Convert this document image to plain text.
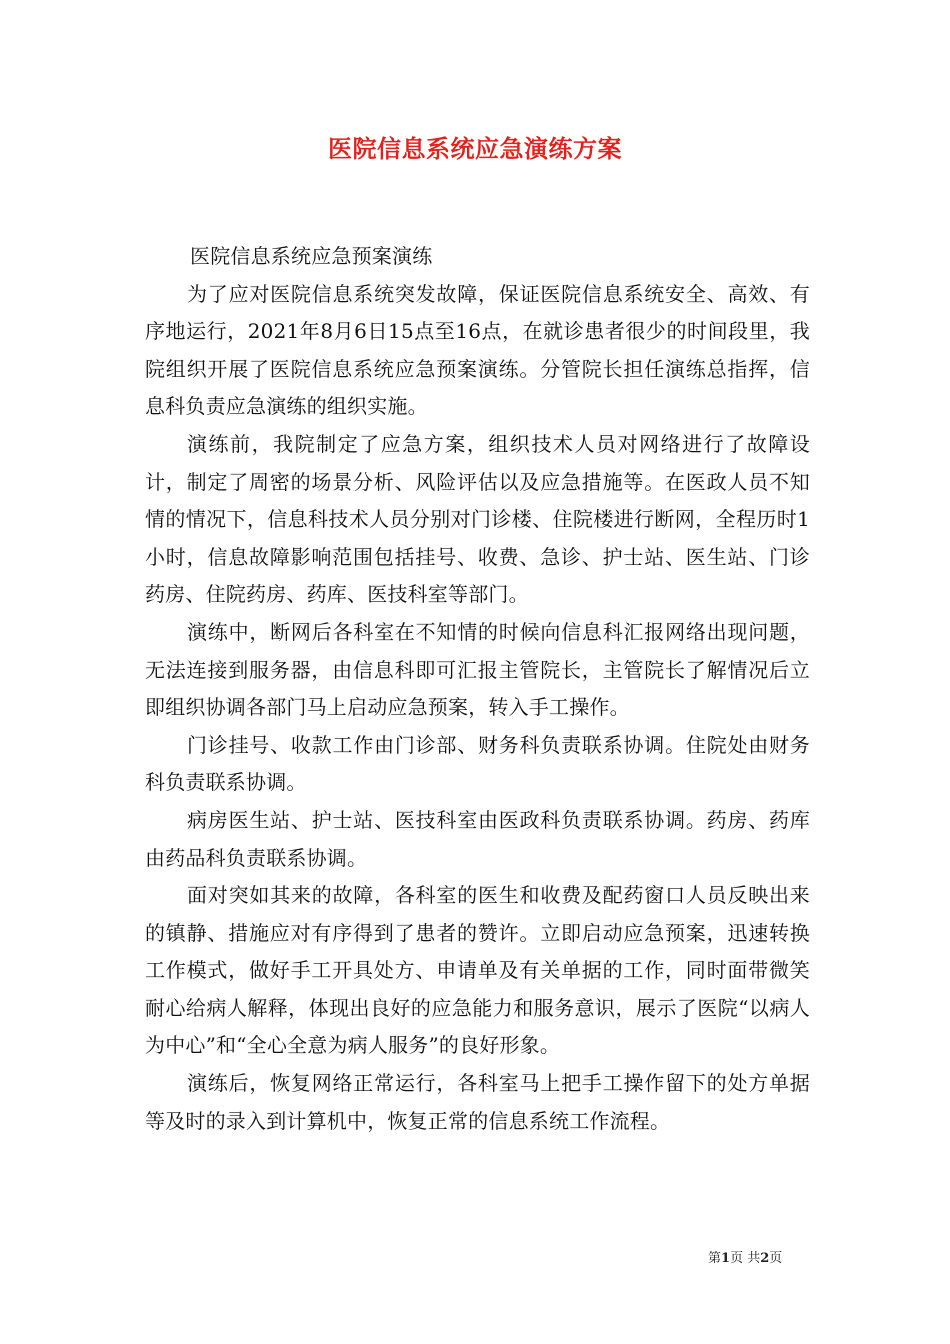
医院信息系统应急演练方案

医院信息系统应急预案演练

为了应对医院信息系统突发故障，保证医院信息系统安全、高效、有序地运行，2021年8月6日15点至16点，在就诊患者很少的时间段里，我院组织开展了医院信息系统应急预案演练。分管院长担任演练总指挥，信息科负责应急演练的组织实施。

演练前，我院制定了应急方案，组织技术人员对网络进行了故障设计，制定了周密的场景分析、风险评估以及应急措施等。在医政人员不知情的情况下，信息科技术人员分别对门诊楼、住院楼进行断网，全程历时1小时，信息故障影响范围包括挂号、收费、急诊、护士站、医生站、门诊药房、住院药房、药库、医技科室等部门。

演练中，断网后各科室在不知情的时候向信息科汇报网络出现问题，无法连接到服务器，由信息科即可汇报主管院长，主管院长了解情况后立即组织协调各部门马上启动应急预案，转入手工操作。

门诊挂号、收款工作由门诊部、财务科负责联系协调。住院处由财务科负责联系协调。

病房医生站、护士站、医技科室由医政科负责联系协调。药房、药库由药品科负责联系协调。

面对突如其来的故障，各科室的医生和收费及配药窗口人员反映出来的镇静、措施应对有序得到了患者的赞许。立即启动应急预案，迅速转换工作模式，做好手工开具处方、申请单及有关单据的工作，同时面带微笑耐心给病人解释，体现出良好的应急能力和服务意识，展示了医院“以病人为中心”和“全心全意为病人服务”的良好形象。

演练后，恢复网络正常运行，各科室马上把手工操作留下的处方单据等及时的录入到计算机中，恢复正常的信息系统工作流程。

第1页 共2页
